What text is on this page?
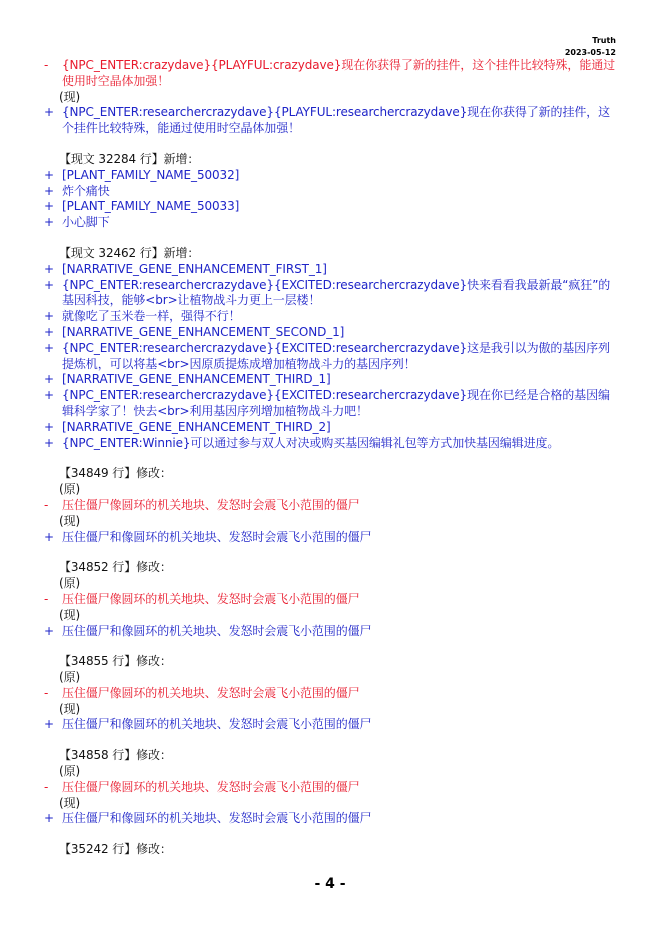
Truth
2023-05-12
-	{NPC_ENTER:crazydave}{PLAYFUL:crazydave}现在你获得了新的挂件，这个挂件比较特殊，能通过使用时空晶体加强！
(现)
+ {NPC_ENTER:researchercrazydave}{PLAYFUL:researchercrazydave}现在你获得了新的挂件，这个挂件比较特殊，能通过使用时空晶体加强！
【现文 32284 行】新增：
+ [PLANT_FAMILY_NAME_50032]
+ 炸个痛快
+ [PLANT_FAMILY_NAME_50033]
+ 小心脚下
【现文 32462 行】新增：
+ [NARRATIVE_GENE_ENHANCEMENT_FIRST_1]
+ {NPC_ENTER:researchercrazydave}{EXCITED:researchercrazydave}快来看看我最新最“疯狂”的基因科技，能够<br>让植物战斗力更上一层楼！
+ 就像吃了玉米卷一样，强得不行！
+ [NARRATIVE_GENE_ENHANCEMENT_SECOND_1]
+ {NPC_ENTER:researchercrazydave}{EXCITED:researchercrazydave}这是我引以为傲的基因序列提炼机，可以将基<br>因原质提炼成增加植物战斗力的基因序列！
+ [NARRATIVE_GENE_ENHANCEMENT_THIRD_1]
+ {NPC_ENTER:researchercrazydave}{EXCITED:researchercrazydave}现在你已经是合格的基因编辑科学家了！快去<br>利用基因序列增加植物战斗力吧！
+ [NARRATIVE_GENE_ENHANCEMENT_THIRD_2]
+ {NPC_ENTER:Winnie}可以通过参与双人对决或购买基因编辑礼包等方式加快基因编辑进度。
【34849 行】修改：
(原)
-	压住僵尸像圆环的机关地块、发怒时会震飞小范围的僵尸
(现)
+ 压住僵尸和像圆环的机关地块、发怒时会震飞小范围的僵尸
【34852 行】修改：
(原)
-	压住僵尸像圆环的机关地块、发怒时会震飞小范围的僵尸
(现)
+ 压住僵尸和像圆环的机关地块、发怒时会震飞小范围的僵尸
【34855 行】修改：
(原)
-	压住僵尸像圆环的机关地块、发怒时会震飞小范围的僵尸
(现)
+ 压住僵尸和像圆环的机关地块、发怒时会震飞小范围的僵尸
【34858 行】修改：
(原)
-	压住僵尸像圆环的机关地块、发怒时会震飞小范围的僵尸
(现)
+ 压住僵尸和像圆环的机关地块、发怒时会震飞小范围的僵尸
【35242 行】修改：
- 4 -
